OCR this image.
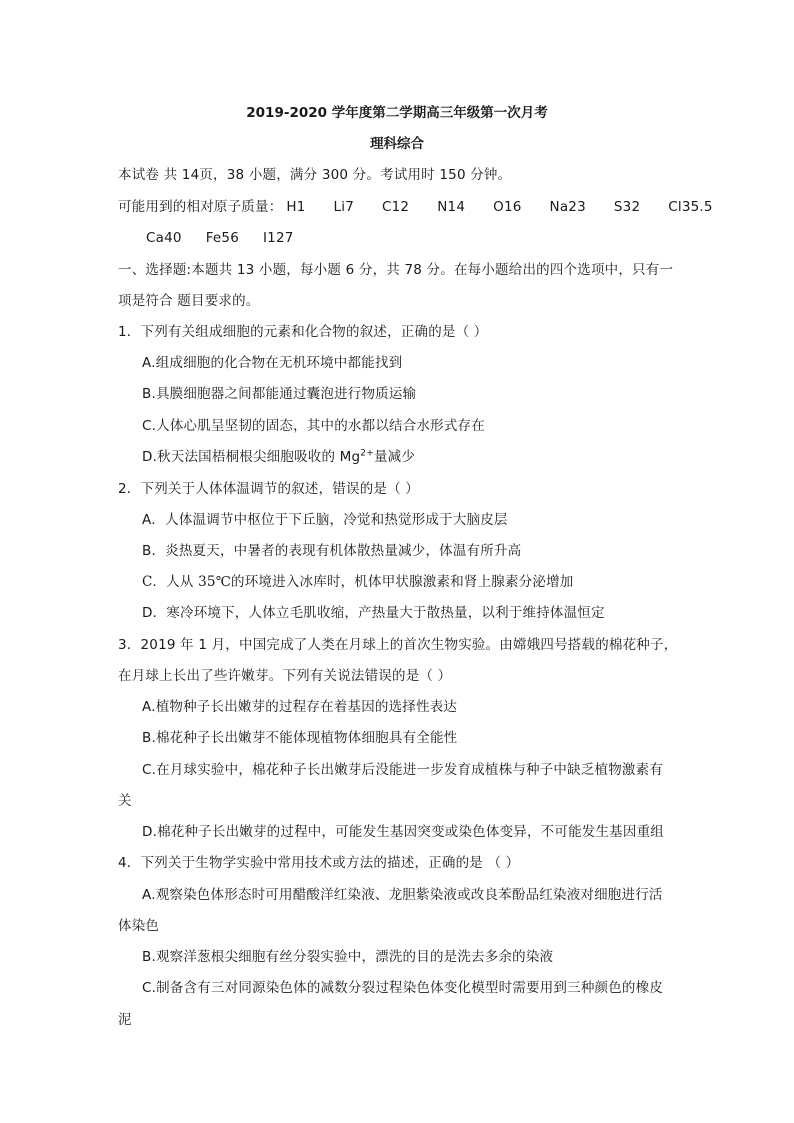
2019-2020 学年度第二学期高三年级第一次月考
理科综合
本试卷 共 14页，38 小题，满分 300 分。考试用时 150 分钟。
可能用到的相对原子质量： H1 Li7 C12 N14 O16 Na23 S32 Cl35.5
Ca40 Fe56 I127
一、选择题:本题共 13 小题，每小题 6 分，共 78 分。在每小题给出的四个选项中，只有一
项是符合 题目要求的。
1．下列有关组成细胞的元素和化合物的叙述，正确的是（ ）
A.组成细胞的化合物在无机环境中都能找到
B.具膜细胞器之间都能通过囊泡进行物质运输
C.人体心肌呈坚韧的固态，其中的水都以结合水形式存在
D.秋天法国梧桐根尖细胞吸收的 $Mg^{2+}$量减少
2．下列关于人体体温调节的叙述，错误的是（ ）
A．人体温调节中枢位于下丘脑，冷觉和热觉形成于大脑皮层
B．炎热夏天，中暑者的表现有机体散热量减少，体温有所升高
C．人从 35℃的环境进入冰库时，机体甲状腺激素和肾上腺素分泌增加
D．寒冷环境下，人体立毛肌收缩，产热量大于散热量，以利于维持体温恒定
3．2019 年 1 月，中国完成了人类在月球上的首次生物实验。由嫦娥四号搭载的棉花种子，
在月球上长出了些许嫩芽。下列有关说法错误的是（ ）
A.植物种子长出嫩芽的过程存在着基因的选择性表达
B.棉花种子长出嫩芽不能体现植物体细胞具有全能性
C.在月球实验中，棉花种子长出嫩芽后没能进一步发育成植株与种子中缺乏植物激素有
关
D.棉花种子长出嫩芽的过程中，可能发生基因突变或染色体变异，不可能发生基因重组
4．下列关于生物学实验中常用技术或方法的描述，正确的是 （ ）
A.观察染色体形态时可用醋酸洋红染液、龙胆紫染液或改良苯酚品红染液对细胞进行活
体染色
B.观察洋葱根尖细胞有丝分裂实验中，漂洗的目的是洗去多余的染液
C.制备含有三对同源染色体的减数分裂过程染色体变化模型时需要用到三种颜色的橡皮
泥
